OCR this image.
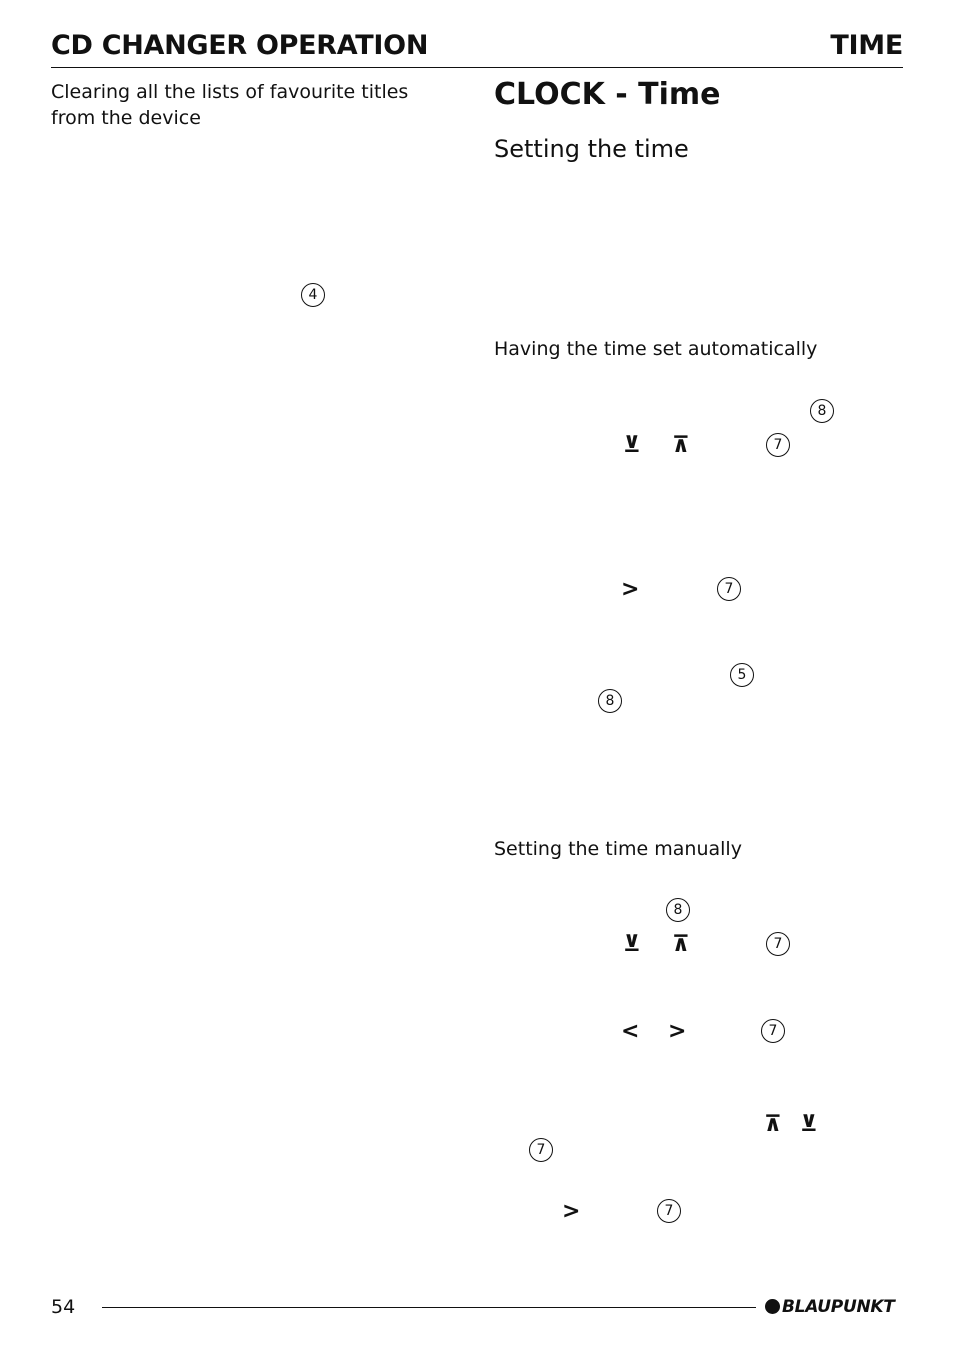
CD CHANGER OPERATION	TIME
Clearing all the lists of favourite titles from the device
4
CLOCK - Time
Setting the time
Having the time set automatically
Setting the time manually
8
⊻ ⊼	7
>	7
5
8
8
⊻ ⊼	7
< >	7
⊼ ⊻
7
>	7
54	BLAUPUNKT
